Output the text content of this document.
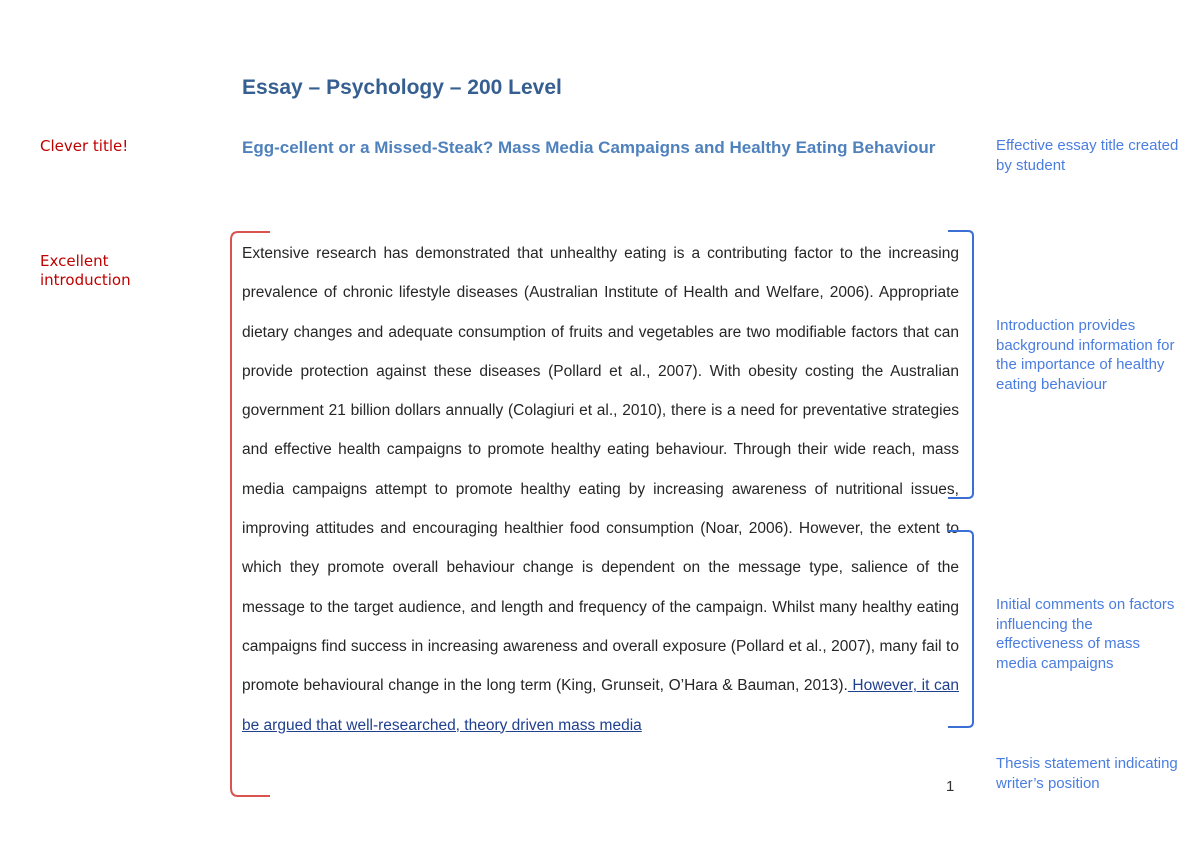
Essay – Psychology – 200 Level
Egg-cellent or a Missed-Steak? Mass Media Campaigns and Healthy Eating Behaviour
Clever title!
Excellent introduction
Effective essay title created by student
Introduction provides background information for the importance of healthy eating behaviour
Initial comments on factors influencing the effectiveness of mass media campaigns
Thesis statement indicating writer’s position
Extensive research has demonstrated that unhealthy eating is a contributing factor to the increasing prevalence of chronic lifestyle diseases (Australian Institute of Health and Welfare, 2006). Appropriate dietary changes and adequate consumption of fruits and vegetables are two modifiable factors that can provide protection against these diseases (Pollard et al., 2007). With obesity costing the Australian government 21 billion dollars annually (Colagiuri et al., 2010), there is a need for preventative strategies and effective health campaigns to promote healthy eating behaviour. Through their wide reach, mass media campaigns attempt to promote healthy eating by increasing awareness of nutritional issues, improving attitudes and encouraging healthier food consumption (Noar, 2006). However, the extent to which they promote overall behaviour change is dependent on the message type, salience of the message to the target audience, and length and frequency of the campaign. Whilst many healthy eating campaigns find success in increasing awareness and overall exposure (Pollard et al., 2007), many fail to promote behavioural change in the long term (King, Grunseit, O’Hara & Bauman, 2013). However, it can be argued that well-researched, theory driven mass media
1
